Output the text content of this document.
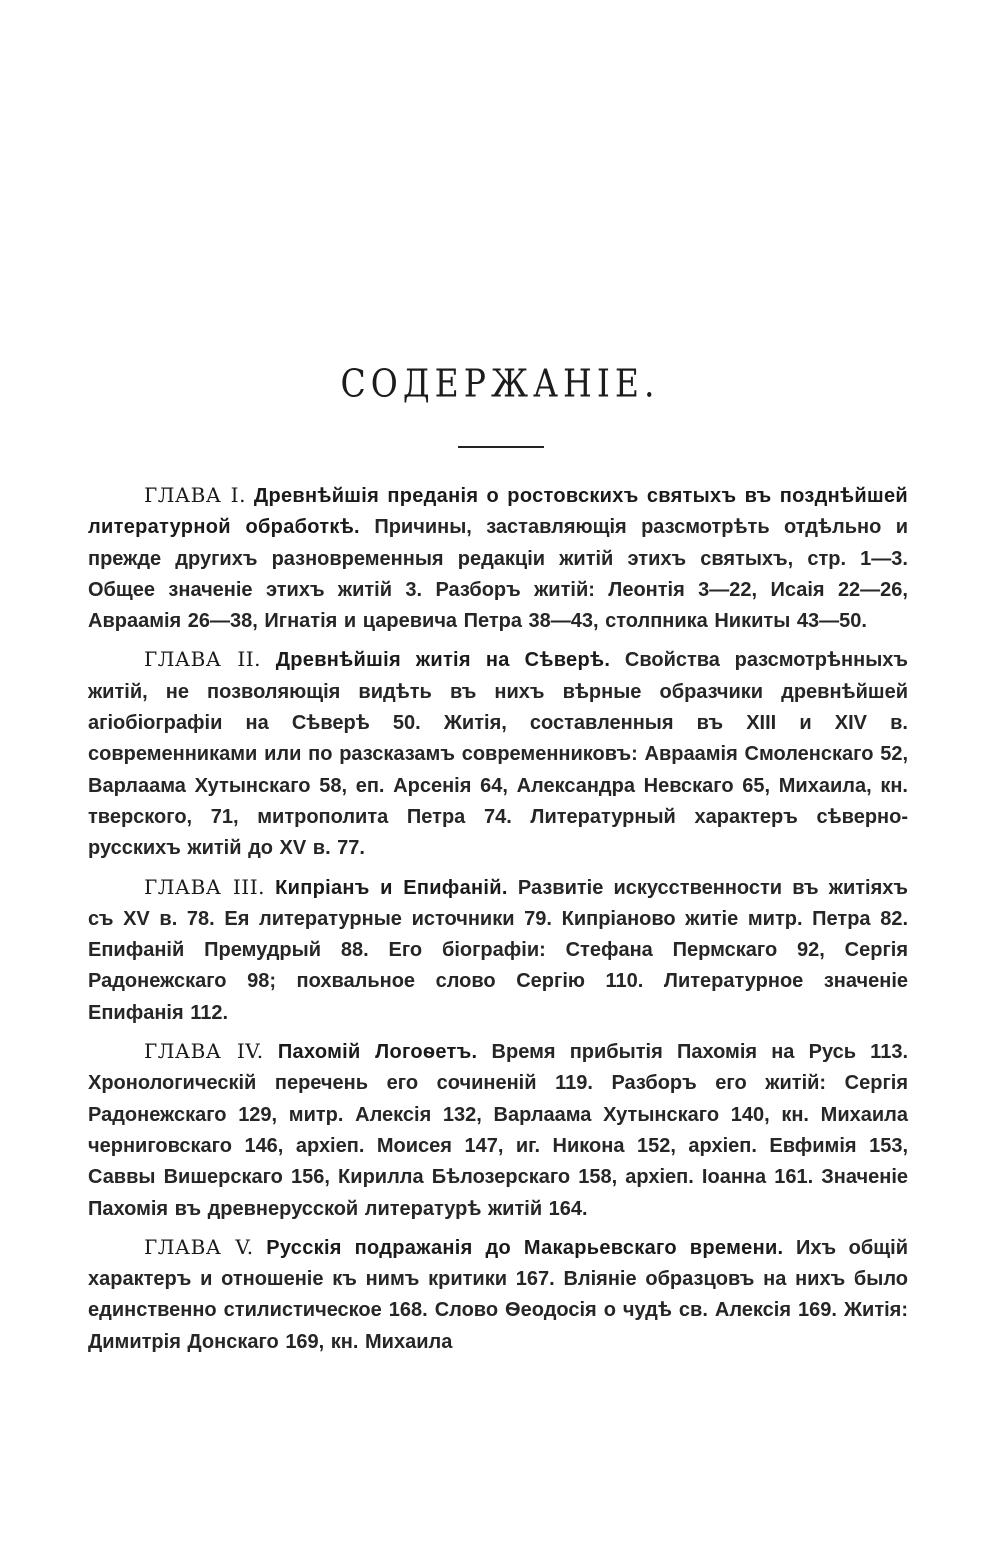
СОДЕРЖАНІЕ.

ГЛАВА I. Древнѣйшія преданія о ростовскихъ святыхъ въ позднѣйшей литературной обработкѣ. Причины, заставляющія разсмотрѣть отдѣльно и прежде другихъ разновременныя редакціи житій этихъ святыхъ, стр. 1—3. Общее значеніе этихъ житій 3. Разборъ житій: Леонтія 3—22, Исаія 22—26, Авраамія 26—38, Игнатія и царевича Петра 38—43, столпника Никиты 43—50.

ГЛАВА II. Древнѣйшія житія на Сѣверѣ. Свойства разсмотрѣнныхъ житій, не позволяющія видѣть въ нихъ вѣрные образчики древнѣйшей агіобіографіи на Сѣверѣ 50. Житія, составленныя въ XIII и XIV в. современниками или по разсказамъ современниковъ: Авраамія Смоленскаго 52, Варлаама Хутынскаго 58, еп. Арсенія 64, Александра Невскаго 65, Михаила, кн. тверского, 71, митрополита Петра 74. Литературный характеръ сѣверно-русскихъ житій до XV в. 77.

ГЛАВА III. Кипріанъ и Епифаній. Развитіе искусственности въ житіяхъ съ XV в. 78. Ея литературные источники 79. Кипріаново житіе митр. Петра 82. Епифаній Премудрый 88. Его біографіи: Стефана Пермскаго 92, Сергія Радонежскаго 98; похвальное слово Сергію 110. Литературное значеніе Епифанія 112.

ГЛАВА IV. Пахомій Логоѳетъ. Время прибытія Пахомія на Русь 113. Хронологическій перечень его сочиненій 119. Разборъ его житій: Сергія Радонежскаго 129, митр. Алексія 132, Варлаама Хутынскаго 140, кн. Михаила черниговскаго 146, архіеп. Моисея 147, иг. Никона 152, архіеп. Евфимія 153, Саввы Вишерскаго 156, Кирилла Бѣлозерскаго 158, архіеп. Іоанна 161. Значеніе Пахомія въ древнерусской литературѣ житій 164.

ГЛАВА V. Русскія подражанія до Макарьевскаго времени. Ихъ общій характеръ и отношеніе къ нимъ критики 167. Вліяніе образцовъ на нихъ было единственно стилистическое 168. Слово Ѳеодосія о чудѣ св. Алексія 169. Житія: Димитрія Донскаго 169, кн. Михаила
